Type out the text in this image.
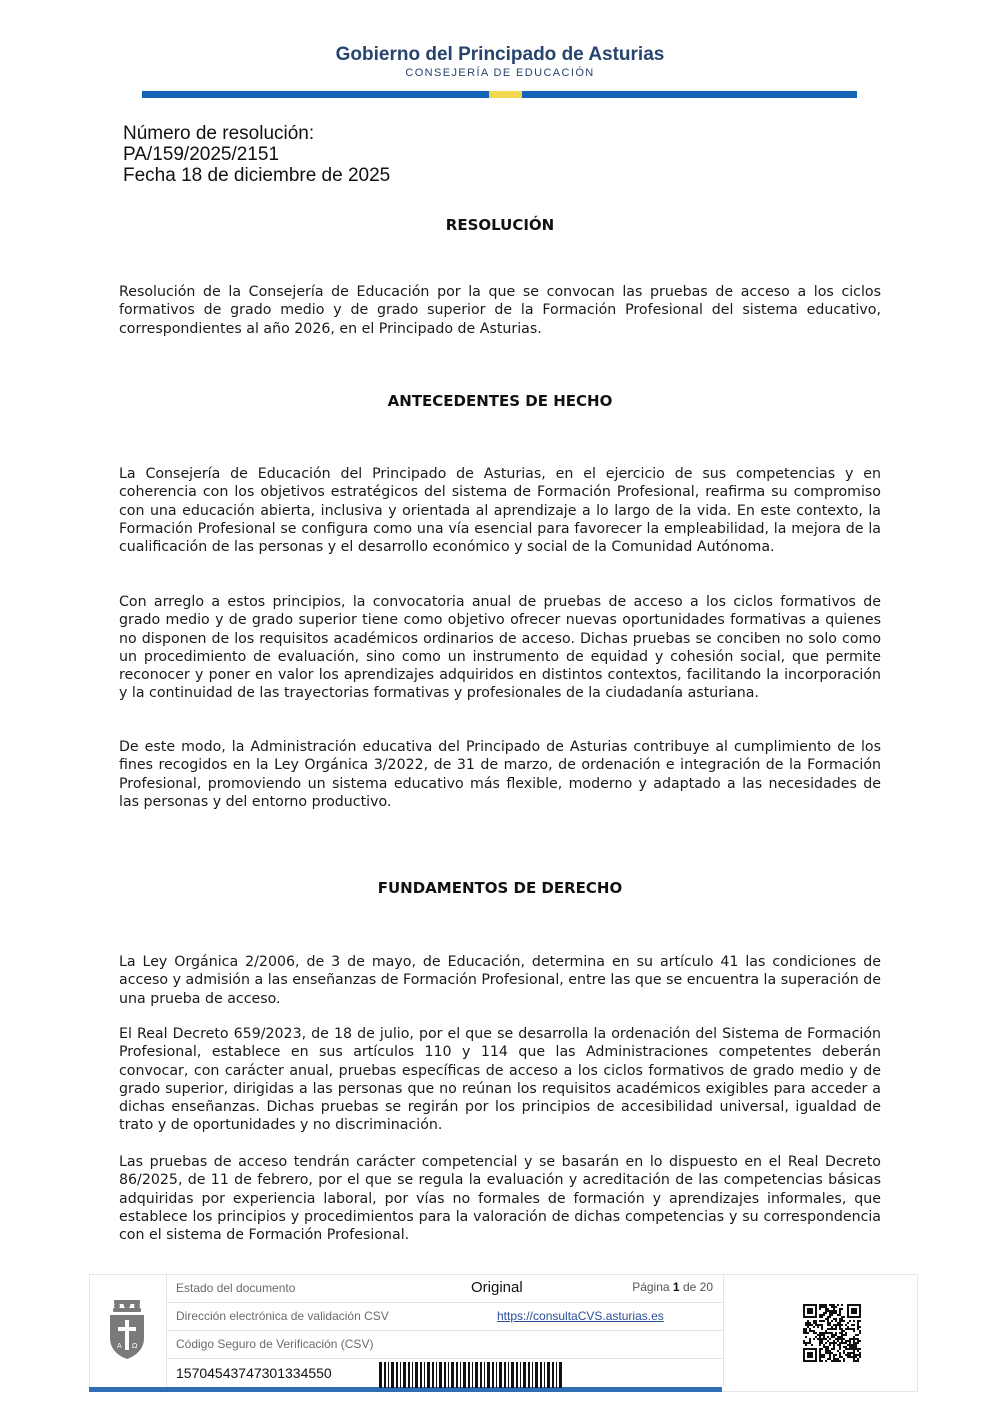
Gobierno del Principado de Asturias
CONSEJERÍA DE EDUCACIÓN
Número de resolución:
PA/159/2025/2151
Fecha 18 de diciembre de 2025
RESOLUCIÓN

Resolución de la Consejería de Educación por la que se convocan las pruebas de acceso a los ciclos formativos de grado medio y de grado superior de la Formación Profesional del sistema educativo, correspondientes al año 2026, en el Principado de Asturias.

ANTECEDENTES DE HECHO

La Consejería de Educación del Principado de Asturias, en el ejercicio de sus competencias y en coherencia con los objetivos estratégicos del sistema de Formación Profesional, reafirma su compromiso con una educación abierta, inclusiva y orientada al aprendizaje a lo largo de la vida. En este contexto, la Formación Profesional se configura como una vía esencial para favorecer la empleabilidad, la mejora de la cualificación de las personas y el desarrollo económico y social de la Comunidad Autónoma.

Con arreglo a estos principios, la convocatoria anual de pruebas de acceso a los ciclos formativos de grado medio y de grado superior tiene como objetivo ofrecer nuevas oportunidades formativas a quienes no disponen de los requisitos académicos ordinarios de acceso. Dichas pruebas se conciben no solo como un procedimiento de evaluación, sino como un instrumento de equidad y cohesión social, que permite reconocer y poner en valor los aprendizajes adquiridos en distintos contextos, facilitando la incorporación y la continuidad de las trayectorias formativas y profesionales de la ciudadanía asturiana.

De este modo, la Administración educativa del Principado de Asturias contribuye al cumplimiento de los fines recogidos en la Ley Orgánica 3/2022, de 31 de marzo, de ordenación e integración de la Formación Profesional, promoviendo un sistema educativo más flexible, moderno y adaptado a las necesidades de las personas y del entorno productivo.

FUNDAMENTOS DE DERECHO

La Ley Orgánica 2/2006, de 3 de mayo, de Educación, determina en su artículo 41 las condiciones de acceso y admisión a las enseñanzas de Formación Profesional, entre las que se encuentra la superación de una prueba de acceso.

El Real Decreto 659/2023, de 18 de julio, por el que se desarrolla la ordenación del Sistema de Formación Profesional, establece en sus artículos 110 y 114 que las Administraciones competentes deberán convocar, con carácter anual, pruebas específicas de acceso a los ciclos formativos de grado medio y de grado superior, dirigidas a las personas que no reúnan los requisitos académicos exigibles para acceder a dichas enseñanzas. Dichas pruebas se regirán por los principios de accesibilidad universal, igualdad de trato y de oportunidades y no discriminación.

Las pruebas de acceso tendrán carácter competencial y se basarán en lo dispuesto en el Real Decreto 86/2025, de 11 de febrero, por el que se regula la evaluación y acreditación de las competencias básicas adquiridas por experiencia laboral, por vías no formales de formación y aprendizajes informales, que establece los principios y procedimientos para la valoración de dichas competencias y su correspondencia con el sistema de Formación Profesional.

A Ω
Estado del documento	Original	Página 1 de 20
Dirección electrónica de validación CSV	https://consultaCVS.asturias.es
Código Seguro de Verificación (CSV)
15704543747301334550
